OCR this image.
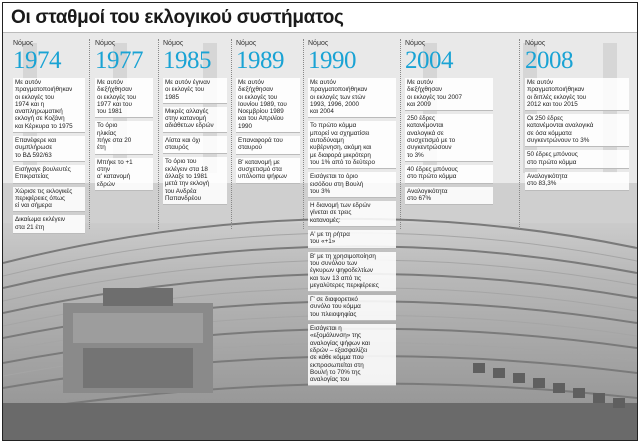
Οι σταθμοί του εκλογικού συστήματος
Νόμος
1974
Με αυτόν
πραγματοποιήθηκαν
οι εκλογές του
1974 και η
αναπληρωματική
εκλογή σε Κοζάνη
και Κέρκυρα το 1975
Επανέφερε και
συμπλήρωσε
το ΒΔ 592/63
Εισήγαγε βουλευτές
Επικρατείας
Χώρισε τις εκλογικές
περιφέρειες όπως
εί ναι σήμερα
Δικαίωμα εκλέγειν
στα 21 έτη
Νόμος
1977
Με αυτόν
διεξήχθησαν
οι εκλογές του
1977 και του
του 1981
Το όριο
ηλικίας
πήγε στα 20
έτη
Μπήκε το +1
στην
α' κατανομή
εδρών
Νόμος
1985
Με αυτόν έγιναν
οι εκλογές του
1985
Μικρές αλλαγές
στην κατανομή
αδιάθετων εδρών
Λίστα και όχι
σταυρός
Το όριο του
εκλέγειν στα 18
άλλαξε το 1981
μετά την εκλογή
του Ανδρέα
Παπανδρέου
Νόμος
1989
Με αυτόν
διεξήχθησαν
οι εκλογές του
Ιουνίου 1989, του
Νοεμβρίου 1989
και του Απριλίου
1990
Επαναφορά του
σταυρού
Β' κατανομή με
συσχετισμό στα
υπόλοιπα ψήφων
Νόμος
1990
Με αυτόν
πραγματοποιήθηκαν
οι εκλογές των ετών
1993, 1996, 2000
και 2004
Το πρώτο κόμμα
μπορεί να σχηματίσει
αυτοδύναμη
κυβέρνηση, ακόμη και
με διαφορά μικρότερη
του 1% από το δεύτερο
Εισάγεται το όριο
εισόδου στη Βουλή
του 3%
Η διανομή των εδρών
γίνεται σε τρεις
κατανομές:
Α' με τη ρήτρα
του «+1»
Β' με τη χρησιμοποίηση
του συνόλου των
έγκυρων ψηφοδελτίων
και των 13 από τις
μεγαλύτερες περιφέρειες
Γ' σε διαφορετικό
συνόλο του κόμμα
του πλειοψηφίας
Εισάγεται η
«εξομάλυνση» της
αναλογίας ψήφων και
εδρών – εξασφαλίζει
σε κάθε κόμμα που
εκπροσωπείται στη
Βουλή το 70% της
αναλογίας του
Νόμος
2004
Με αυτόν
διεξήχθησαν
οι εκλογές του 2007
και 2009
250 έδρες
κατανέμονται
αναλογικά σε
συσχετισμό με το
συγκεντρώσουν
το 3%
40 έδρες μπόνους
στο πρώτο κόμμα
Αναλογικότητα
στο 67%
Νόμος
2008
Με αυτόν
πραγματοποιήθηκαν
οι διπλές εκλογές του
2012 και του 2015
Οι 250 έδρες
κατανέμονται αναλογικά
σε όσα κόμματα
συγκεντρώνουν το 3%
50 έδρες μπόνους
στο πρώτο κόμμα
Αναλογικότητα
στο 83,3%
